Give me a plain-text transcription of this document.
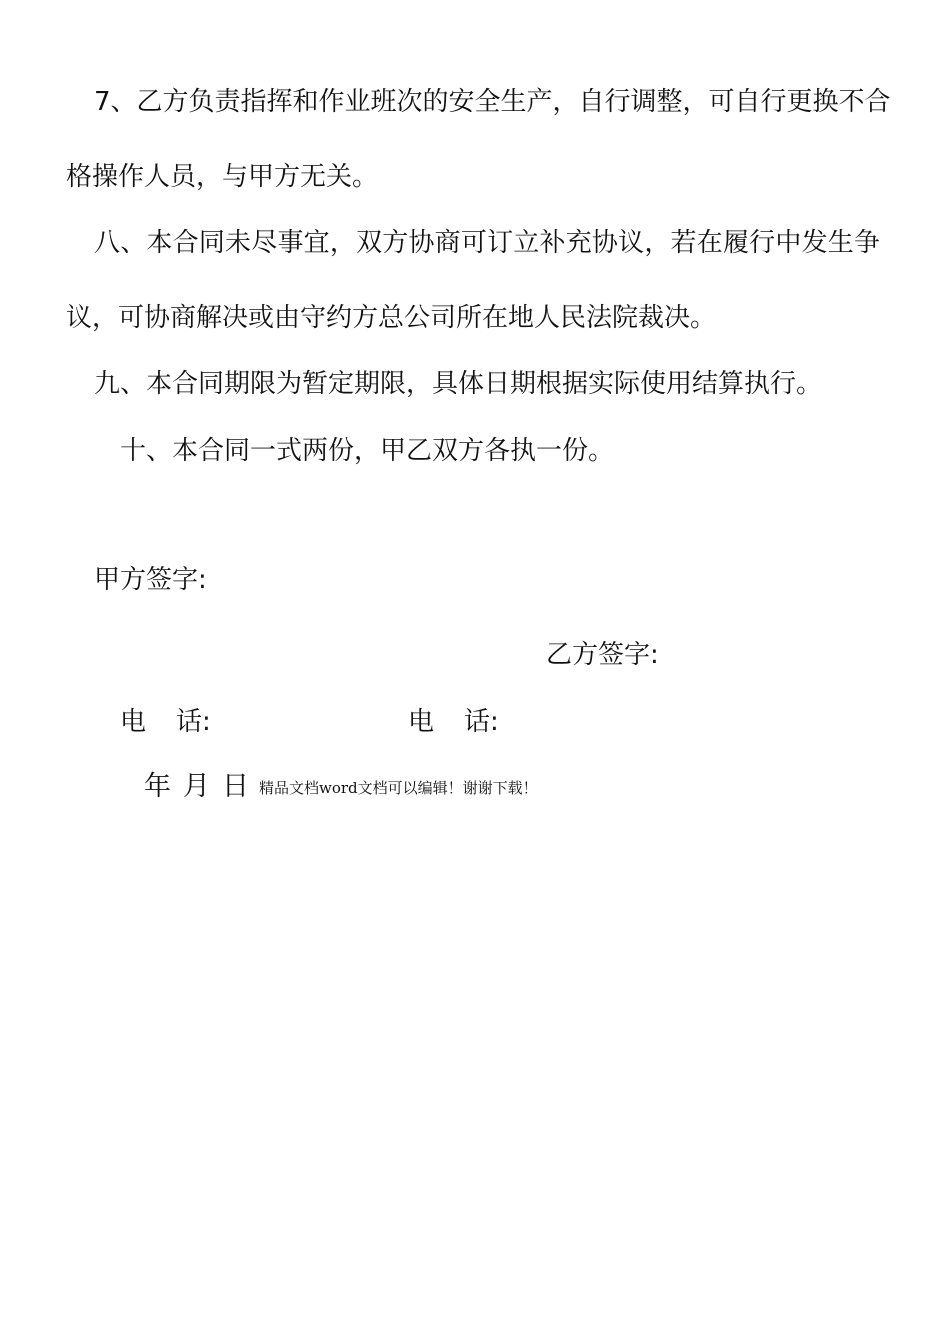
7、乙方负责指挥和作业班次的安全生产，自行调整，可自行更换不合
格操作人员，与甲方无关。
八、本合同未尽事宜，双方协商可订立补充协议，若在履行中发生争
议，可协商解决或由守约方总公司所在地人民法院裁决。
九、本合同期限为暂定期限，具体日期根据实际使用结算执行。
十、本合同一式两份，甲乙双方各执一份。
甲方签字:
乙方签字:
电 话:	电 话:
年 月 日 精品文档word文档可以编辑！谢谢下载！
